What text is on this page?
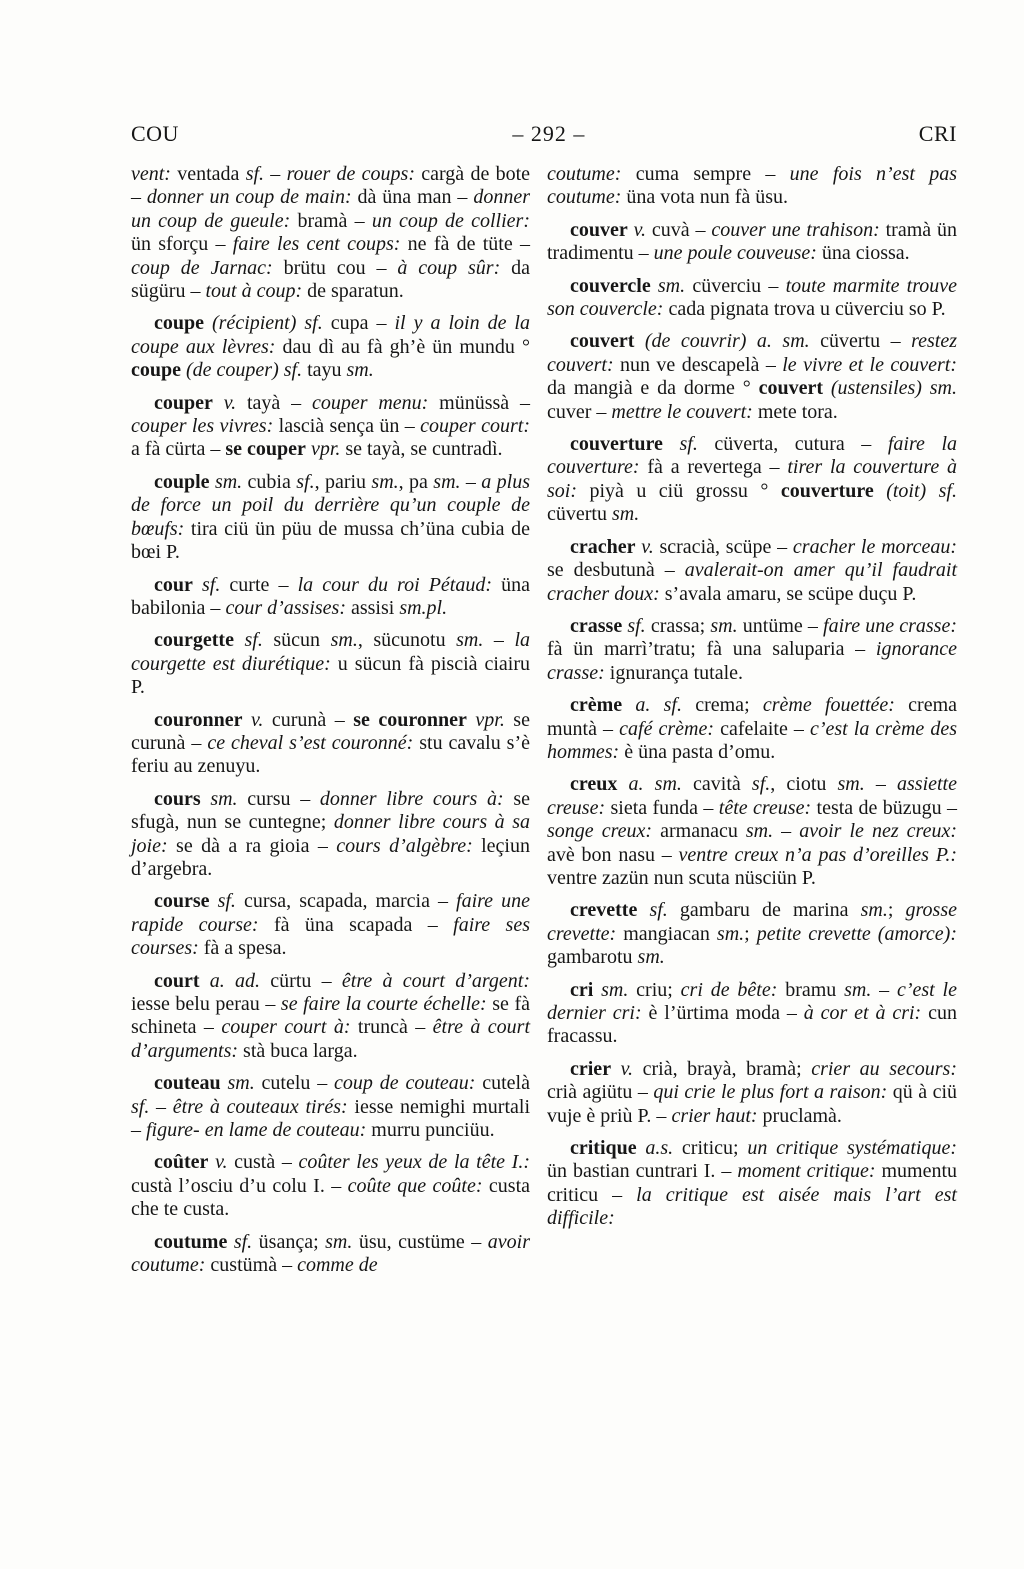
COU	– 292 –	CRI

vent: ventada sf. – rouer de coups: cargà de bote – donner un coup de main: dà üna man – donner un coup de gueule: bramà – un coup de collier: ün sforçu – faire les cent coups: ne fà de tüte – coup de Jarnac: brütu cou – à coup sûr: da sügüru – tout à coup: de sparatun.

coupe (récipient) sf. cupa – il y a loin de la coupe aux lèvres: dau dì au fà gh’è ün mundu ° coupe (de couper) sf. tayu sm.

couper v. tayà – couper menu: münüssà – couper les vivres: lascià sença ün – couper court: a fà cürta – se couper vpr. se tayà, se cuntradì.

couple sm. cubia sf., pariu sm., pa sm. – a plus de force un poil du derrière qu’un couple de bœufs: tira ciü ün püu de mussa ch’üna cubia de bœi P.

cour sf. curte – la cour du roi Pétaud: üna babilonia – cour d’assises: assisi sm.pl.

courgette sf. sücun sm., sücunotu sm. – la courgette est diurétique: u sücun fà piscià ciairu P.

couronner v. curunà – se couronner vpr. se curunà – ce cheval s’est couronné: stu cavalu s’è feriu au zenuyu.

cours sm. cursu – donner libre cours à: se sfugà, nun se cuntegne; donner libre cours à sa joie: se dà a ra gioia – cours d’algèbre: leçiun d’argebra.

course sf. cursa, scapada, marcia – faire une rapide course: fà üna scapada – faire ses courses: fà a spesa.

court a. ad. cürtu – être à court d’argent: iesse belu perau – se faire la courte échelle: se fà schineta – couper court à: truncà – être à court d’arguments: stà buca larga.

couteau sm. cutelu – coup de couteau: cutelà sf. – être à couteaux tirés: iesse nemighi murtali – figure- en lame de couteau: murru punciüu.

coûter v. custà – coûter les yeux de la tête I.: custà l’osciu d’u colu I. – coûte que coûte: custa che te custa.

coutume sf. üsança; sm. üsu, custüme – avoir coutume: custümà – comme de

coutume: cuma sempre – une fois n’est pas coutume: üna vota nun fà üsu.

couver v. cuvà – couver une trahison: tramà ün tradimentu – une poule couveuse: üna ciossa.

couvercle sm. cüverciu – toute marmite trouve son couvercle: cada pignata trova u cüverciu so P.

couvert (de couvrir) a. sm. cüvertu – restez couvert: nun ve descapelà – le vivre et le couvert: da mangià e da dorme ° couvert (ustensiles) sm. cuver – mettre le couvert: mete tora.

couverture sf. cüverta, cutura – faire la couverture: fà a revertega – tirer la couverture à soi: piyà u ciü grossu ° couverture (toit) sf. cüvertu sm.

cracher v. scracià, scüpe – cracher le morceau: se desbutunà – avalerait-on amer qu’il faudrait cracher doux: s’avala amaru, se scüpe duçu P.

crasse sf. crassa; sm. untüme – faire une crasse: fà ün marrì’tratu; fà una saluparia – ignorance crasse: ignurança tutale.

crème a. sf. crema; crème fouettée: crema muntà – café crème: cafelaite – c’est la crème des hommes: è üna pasta d’omu.

creux a. sm. cavità sf., ciotu sm. – assiette creuse: sieta funda – tête creuse: testa de büzugu – songe creux: armanacu sm. – avoir le nez creux: avè bon nasu – ventre creux n’a pas d’oreilles P.: ventre zazün nun scuta nüsciün P.

crevette sf. gambaru de marina sm.; grosse crevette: mangiacan sm.; petite crevette (amorce): gambarotu sm.

cri sm. criu; cri de bête: bramu sm. – c’est le dernier cri: è l’ürtima moda – à cor et à cri: cun fracassu.

crier v. crià, brayà, bramà; crier au secours: crià agiütu – qui crie le plus fort a raison: qü à ciü vuje è priù P. – crier haut: pruclamà.

critique a.s. criticu; un critique systématique: ün bastian cuntrari I. – moment critique: mumentu criticu – la critique est aisée mais l’art est difficile:
